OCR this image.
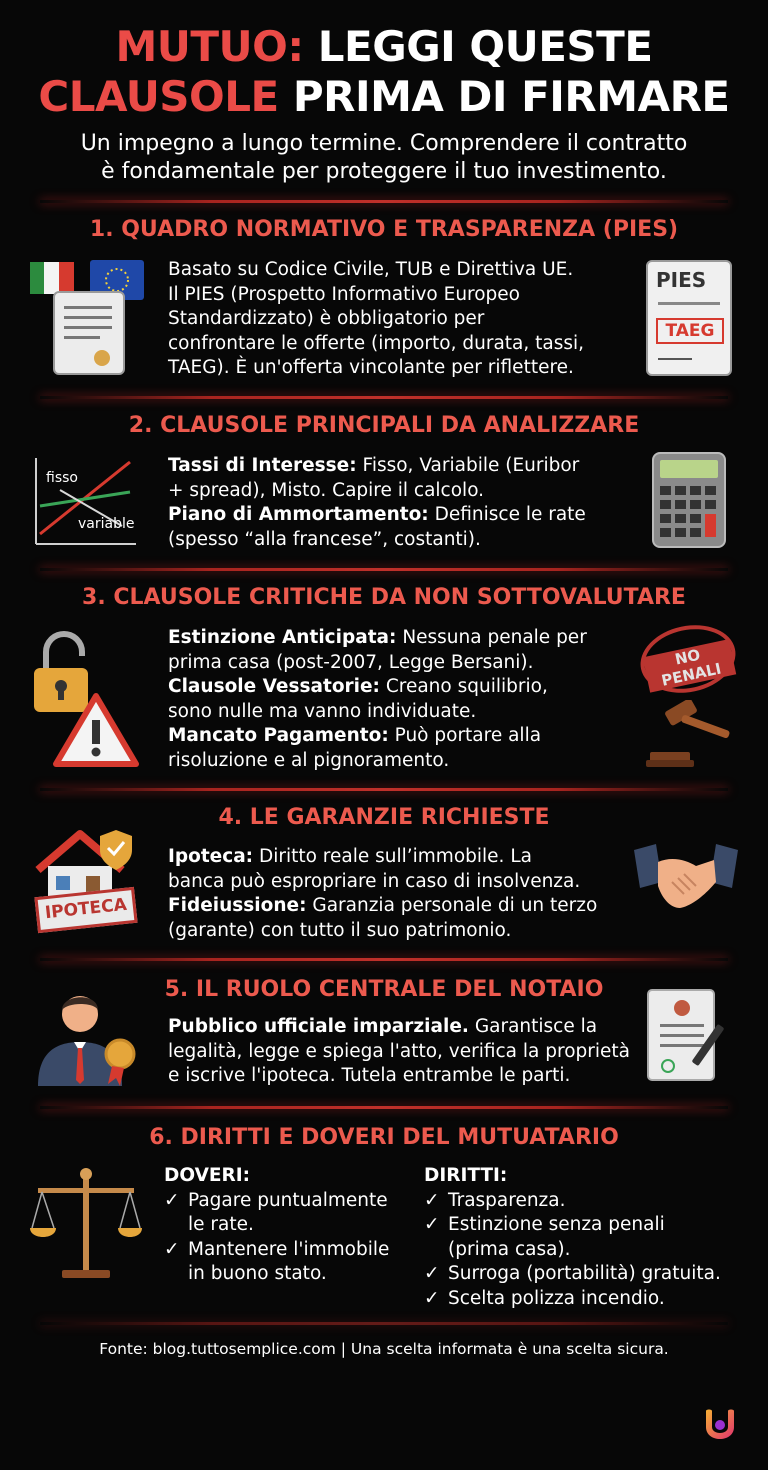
MUTUO: LEGGI QUESTE
CLAUSOLE PRIMA DI FIRMARE
Un impegno a lungo termine. Comprendere il contratto
è fondamentale per proteggere il tuo investimento.
1. QUADRO NORMATIVO E TRASPARENZA (PIES)
Basato su Codice Civile, TUB e Direttiva UE.
Il PIES (Prospetto Informativo Europeo
Standardizzato) è obbligatorio per
confrontare le offerte (importo, durata, tassi,
TAEG). È un'offerta vincolante per riflettere.
PIES
TAEG
2. CLAUSOLE PRINCIPALI DA ANALIZZARE
fisso
variable
Tassi di Interesse: Fisso, Variabile (Euribor
+ spread), Misto. Capire il calcolo.
Piano di Ammortamento: Definisce le rate
(spesso “alla francese”, costanti).
3. CLAUSOLE CRITICHE DA NON SOTTOVALUTARE
Estinzione Anticipata: Nessuna penale per
prima casa (post-2007, Legge Bersani).
Clausole Vessatorie: Creano squilibrio,
sono nulle ma vanno individuate.
Mancato Pagamento: Può portare alla
risoluzione e al pignoramento.
NO PENALI
4. LE GARANZIE RICHIESTE
IPOTECA
Ipoteca: Diritto reale sull’immobile. La
banca può espropriare in caso di insolvenza.
Fideiussione: Garanzia personale di un terzo
(garante) con tutto il suo patrimonio.
5. IL RUOLO CENTRALE DEL NOTAIO
Pubblico ufficiale imparziale. Garantisce la
legalità, legge e spiega l'atto, verifica la proprietà
e iscrive l'ipoteca. Tutela entrambe le parti.
6. DIRITTI E DOVERI DEL MUTUATARIO
DOVERI:
✓ Pagare puntualmente
le rate.
✓ Mantenere l'immobile
in buono stato.
DIRITTI:
✓ Trasparenza.
✓ Estinzione senza penali
(prima casa).
✓ Surroga (portabilità) gratuita.
✓ Scelta polizza incendio.
Fonte: blog.tuttosemplice.com | Una scelta informata è una scelta sicura.
